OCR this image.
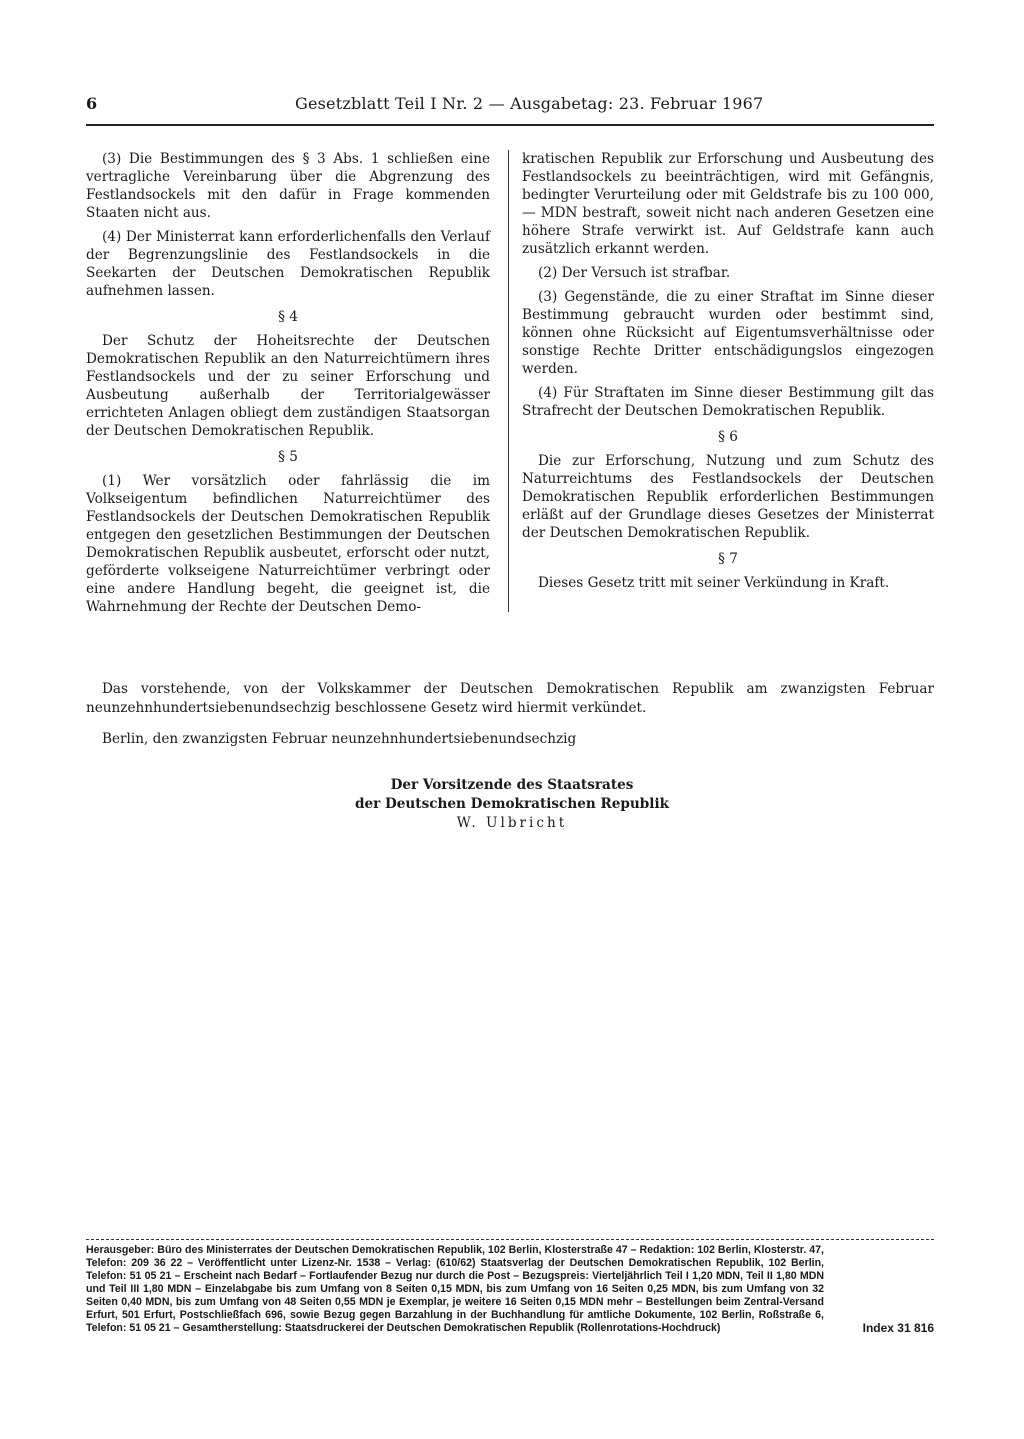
6	Gesetzblatt Teil I Nr. 2 — Ausgabetag: 23. Februar 1967

(3) Die Bestimmungen des § 3 Abs. 1 schließen eine vertragliche Vereinbarung über die Abgrenzung des Festlandsockels mit den dafür in Frage kommenden Staaten nicht aus.

(4) Der Ministerrat kann erforderlichenfalls den Verlauf der Begrenzungslinie des Festlandsockels in die Seekarten der Deutschen Demokratischen Republik aufnehmen lassen.

§ 4

Der Schutz der Hoheitsrechte der Deutschen Demokratischen Republik an den Naturreichtümern ihres Festlandsockels und der zu seiner Erforschung und Ausbeutung außerhalb der Territorialgewässer errichteten Anlagen obliegt dem zuständigen Staatsorgan der Deutschen Demokratischen Republik.

§ 5

(1) Wer vorsätzlich oder fahrlässig die im Volkseigentum befindlichen Naturreichtümer des Festlandsockels der Deutschen Demokratischen Republik entgegen den gesetzlichen Bestimmungen der Deutschen Demokratischen Republik ausbeutet, erforscht oder nutzt, geförderte volkseigene Naturreichtümer verbringt oder eine andere Handlung begeht, die geeignet ist, die Wahrnehmung der Rechte der Deutschen Demo-

kratischen Republik zur Erforschung und Ausbeutung des Festlandsockels zu beeinträchtigen, wird mit Gefängnis, bedingter Verurteilung oder mit Geldstrafe bis zu 100 000,— MDN bestraft, soweit nicht nach anderen Gesetzen eine höhere Strafe verwirkt ist. Auf Geldstrafe kann auch zusätzlich erkannt werden.

(2) Der Versuch ist strafbar.

(3) Gegenstände, die zu einer Straftat im Sinne dieser Bestimmung gebraucht wurden oder bestimmt sind, können ohne Rücksicht auf Eigentumsverhältnisse oder sonstige Rechte Dritter entschädigungslos eingezogen werden.

(4) Für Straftaten im Sinne dieser Bestimmung gilt das Strafrecht der Deutschen Demokratischen Republik.

§ 6

Die zur Erforschung, Nutzung und zum Schutz des Naturreichtums des Festlandsockels der Deutschen Demokratischen Republik erforderlichen Bestimmungen erläßt auf der Grundlage dieses Gesetzes der Ministerrat der Deutschen Demokratischen Republik.

§ 7

Dieses Gesetz tritt mit seiner Verkündung in Kraft.

Das vorstehende, von der Volkskammer der Deutschen Demokratischen Republik am zwanzigsten Februar neunzehnhundertsiebenundsechzig beschlossene Gesetz wird hiermit verkündet.

Berlin, den zwanzigsten Februar neunzehnhundertsiebenundsechzig

Der Vorsitzende des Staatsrates
der Deutschen Demokratischen Republik
W. Ulbricht
Herausgeber: Büro des Ministerrates der Deutschen Demokratischen Republik, 102 Berlin, Klosterstraße 47 – Redaktion: 102 Berlin, Klosterstr. 47, Telefon: 209 36 22 – Veröffentlicht unter Lizenz-Nr. 1538 – Verlag: (610/62) Staatsverlag der Deutschen Demokratischen Republik, 102 Berlin, Telefon: 51 05 21 – Erscheint nach Bedarf – Fortlaufender Bezug nur durch die Post – Bezugspreis: Vierteljährlich Teil I 1,20 MDN, Teil II 1,80 MDN und Teil III 1,80 MDN – Einzelabgabe bis zum Umfang von 8 Seiten 0,15 MDN, bis zum Umfang von 16 Seiten 0,25 MDN, bis zum Umfang von 32 Seiten 0,40 MDN, bis zum Umfang von 48 Seiten 0,55 MDN je Exemplar, je weitere 16 Seiten 0,15 MDN mehr – Bestellungen beim Zentral-Versand Erfurt, 501 Erfurt, Postschließfach 696, sowie Bezug gegen Barzahlung in der Buchhandlung für amtliche Dokumente, 102 Berlin, Roßstraße 6, Telefon: 51 05 21 – Gesamtherstellung: Staatsdruckerei der Deutschen Demokratischen Republik (Rollenrotations-Hochdruck)	Index 31 816
